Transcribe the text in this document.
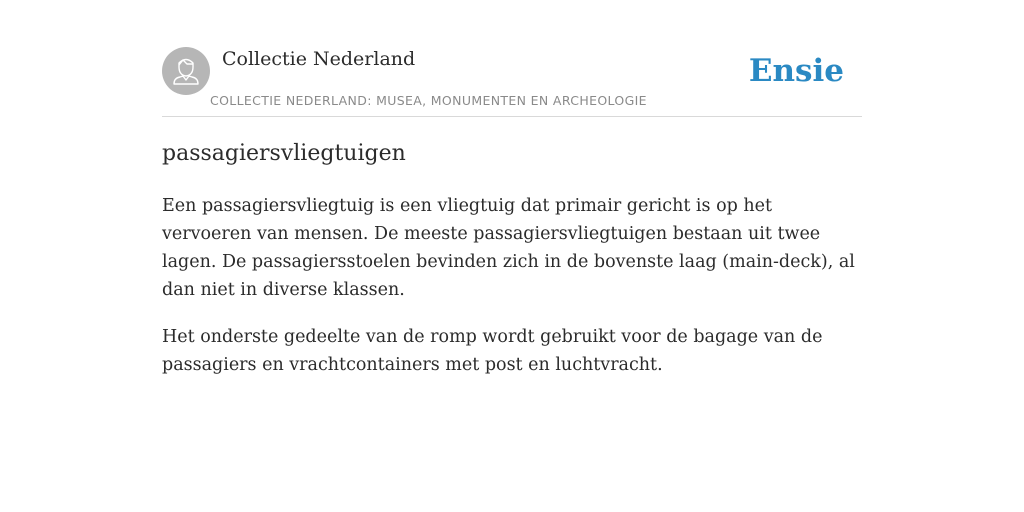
Collectie Nederland
COLLECTIE NEDERLAND: MUSEA, MONUMENTEN EN ARCHEOLOGIE
Ensie
passagiersvliegtuigen

Een passagiersvliegtuig is een vliegtuig dat primair gericht is op het vervoeren van mensen. De meeste passagiersvliegtuigen bestaan uit twee lagen. De passagiersstoelen bevinden zich in de bovenste laag (main-deck), al dan niet in diverse klassen.

Het onderste gedeelte van de romp wordt gebruikt voor de bagage van de passagiers en vrachtcontainers met post en luchtvracht.
